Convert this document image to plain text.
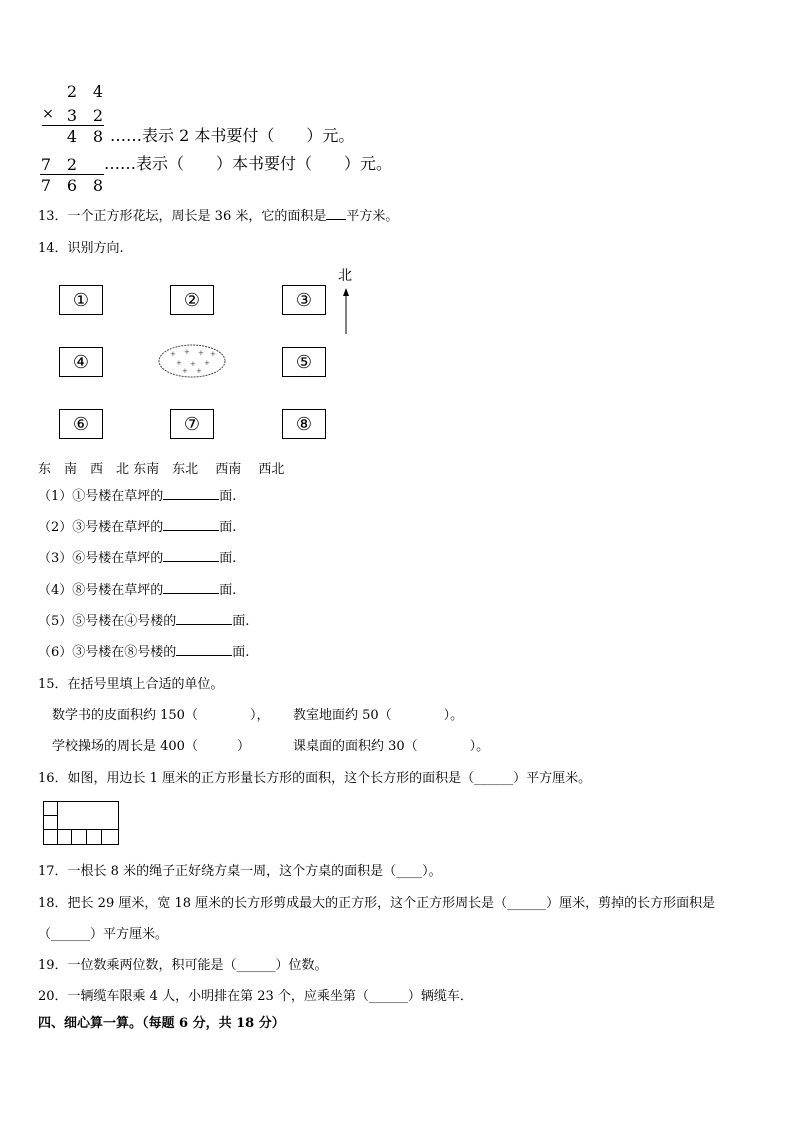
2 4
× 3 2
4 8 ……表示 2 本书要付（　　）元。
7 2 ……表示（　　）本书要付（　　）元。
7 6 8
13．一个正方形花坛，周长是 36 米，它的面积是 平方米。
14．识别方向.
①	②	③
④	⑤
⑥	⑦	⑧
+ + + +
+ + +
+ +
北
东　南　西　北 东南　东北　 西南　 西北
（1）①号楼在草坪的	面.
（2）③号楼在草坪的	面.
（3）⑥号楼在草坪的	面.
（4）⑧号楼在草坪的	面.
（5）⑤号楼在④号楼的	面.
（6）③号楼在⑧号楼的	面.
15．在括号里填上合适的单位。
数学书的皮面积约 150（　　　　）， 教室地面约 50（　　　　）。
学校操场的周长是 400（　　　）	课桌面的面积约 30（　　　　）。
16．如图，用边长 1 厘米的正方形量长方形的面积，这个长方形的面积是（______）平方厘米。
17．一根长 8 米的绳子正好绕方桌一周，这个方桌的面积是（____）。
18．把长 29 厘米，宽 18 厘米的长方形剪成最大的正方形，这个正方形周长是（______）厘米，剪掉的长方形面积是
（______）平方厘米。
19．一位数乘两位数，积可能是（______）位数。
20．一辆缆车限乘 4 人，小明排在第 23 个，应乘坐第（______）辆缆车．
四、细心算一算。（每题 6 分，共 18 分）
